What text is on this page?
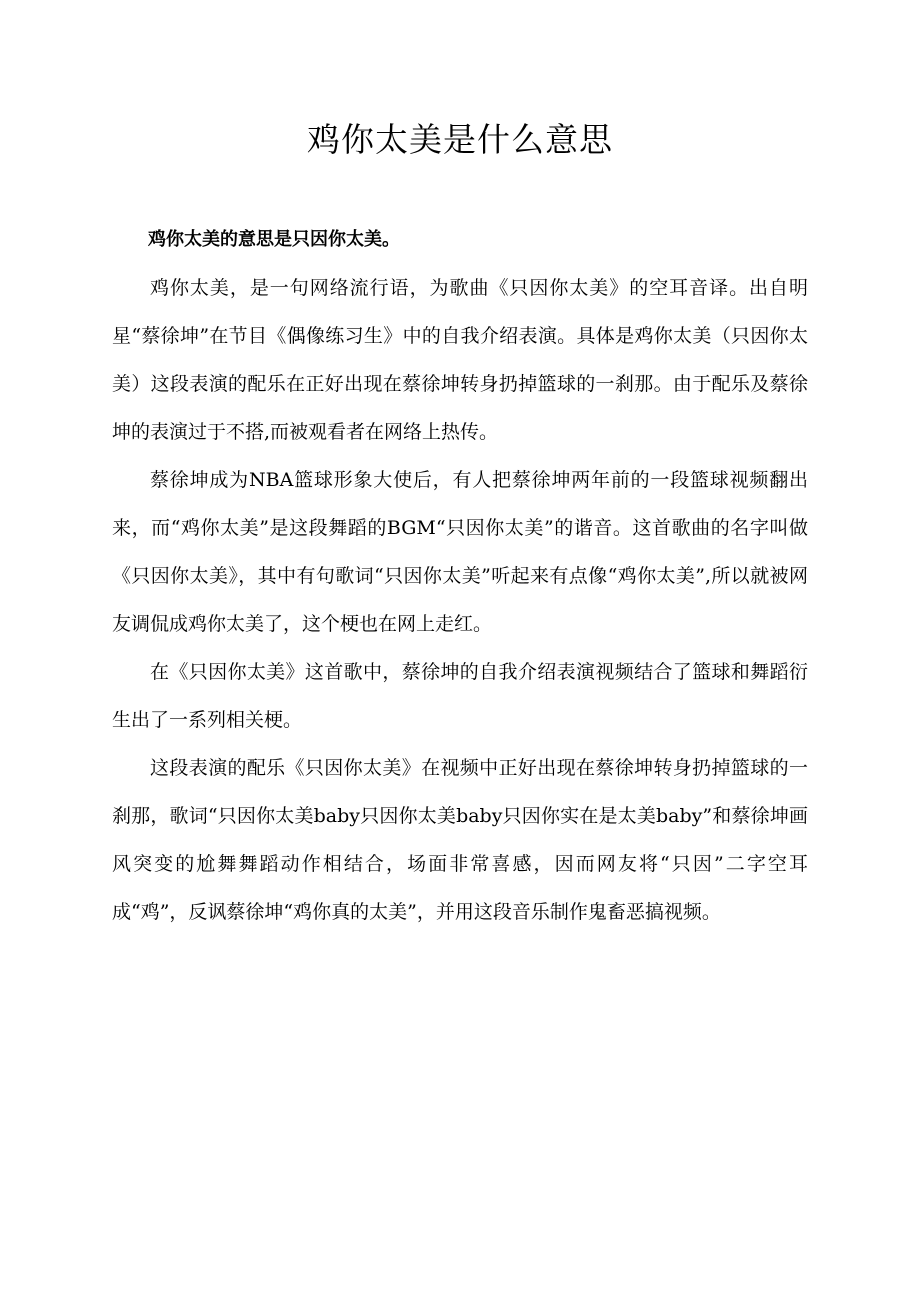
鸡你太美是什么意思

鸡你太美的意思是只因你太美。

鸡你太美，是一句网络流行语，为歌曲《只因你太美》的空耳音译。出自明星“蔡徐坤”在节目《偶像练习生》中的自我介绍表演。具体是鸡你太美（只因你太美）这段表演的配乐在正好出现在蔡徐坤转身扔掉篮球的一刹那。由于配乐及蔡徐坤的表演过于不搭,而被观看者在网络上热传。

蔡徐坤成为NBA篮球形象大使后，有人把蔡徐坤两年前的一段篮球视频翻出来，而“鸡你太美”是这段舞蹈的BGM“只因你太美”的谐音。这首歌曲的名字叫做《只因你太美》，其中有句歌词“只因你太美”听起来有点像“鸡你太美”,所以就被网友调侃成鸡你太美了，这个梗也在网上走红。

在《只因你太美》这首歌中，蔡徐坤的自我介绍表演视频结合了篮球和舞蹈衍生出了一系列相关梗。

这段表演的配乐《只因你太美》在视频中正好出现在蔡徐坤转身扔掉篮球的一刹那，歌词“只因你太美baby只因你太美baby只因你实在是太美baby”和蔡徐坤画风突变的尬舞舞蹈动作相结合，场面非常喜感，因而网友将“只因”二字空耳成“鸡”，反讽蔡徐坤“鸡你真的太美”，并用这段音乐制作鬼畜恶搞视频。
